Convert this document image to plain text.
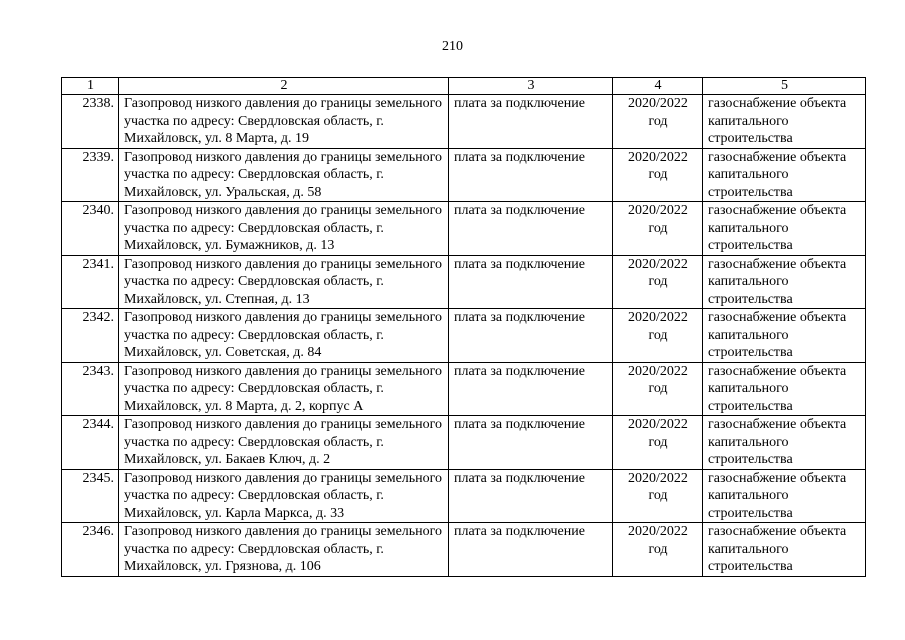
210
1	2	3	4	5
2338.	Газопровод низкого давления до границы земельного участка по адресу: Свердловская область, г. Михайловск, ул. 8 Марта, д. 19	плата за подключение	2020/2022 год	газоснабжение объекта капитального строительства
2339.	Газопровод низкого давления до границы земельного участка по адресу: Свердловская область, г. Михайловск, ул. Уральская, д. 58	плата за подключение	2020/2022 год	газоснабжение объекта капитального строительства
2340.	Газопровод низкого давления до границы земельного участка по адресу: Свердловская область, г. Михайловск, ул. Бумажников, д. 13	плата за подключение	2020/2022 год	газоснабжение объекта капитального строительства
2341.	Газопровод низкого давления до границы земельного участка по адресу: Свердловская область, г. Михайловск, ул. Степная, д. 13	плата за подключение	2020/2022 год	газоснабжение объекта капитального строительства
2342.	Газопровод низкого давления до границы земельного участка по адресу: Свердловская область, г. Михайловск, ул. Советская, д. 84	плата за подключение	2020/2022 год	газоснабжение объекта капитального строительства
2343.	Газопровод низкого давления до границы земельного участка по адресу: Свердловская область, г. Михайловск, ул. 8 Марта, д. 2, корпус А	плата за подключение	2020/2022 год	газоснабжение объекта капитального строительства
2344.	Газопровод низкого давления до границы земельного участка по адресу: Свердловская область, г. Михайловск, ул. Бакаев Ключ, д. 2	плата за подключение	2020/2022 год	газоснабжение объекта капитального строительства
2345.	Газопровод низкого давления до границы земельного участка по адресу: Свердловская область, г. Михайловск, ул. Карла Маркса, д. 33	плата за подключение	2020/2022 год	газоснабжение объекта капитального строительства
2346.	Газопровод низкого давления до границы земельного участка по адресу: Свердловская область, г. Михайловск, ул. Грязнова, д. 106	плата за подключение	2020/2022 год	газоснабжение объекта капитального строительства
